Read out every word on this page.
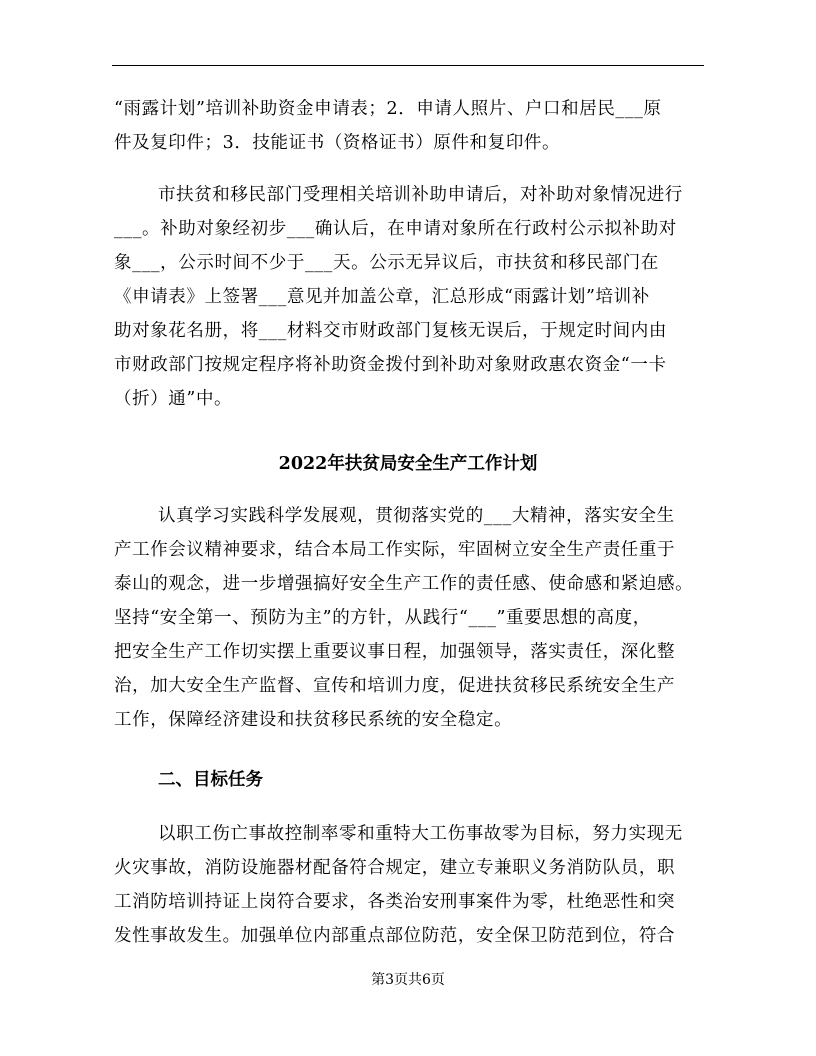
“雨露计划”培训补助资金申请表；2．申请人照片、户口和居民___原
件及复印件；3．技能证书（资格证书）原件和复印件。
市扶贫和移民部门受理相关培训补助申请后，对补助对象情况进行
___。补助对象经初步___确认后，在申请对象所在行政村公示拟补助对
象___，公示时间不少于___天。公示无异议后，市扶贫和移民部门在
《申请表》上签署___意见并加盖公章，汇总形成“雨露计划”培训补
助对象花名册，将___材料交市财政部门复核无误后，于规定时间内由
市财政部门按规定程序将补助资金拨付到补助对象财政惠农资金“一卡
（折）通”中。
2022年扶贫局安全生产工作计划
认真学习实践科学发展观，贯彻落实党的___大精神，落实安全生
产工作会议精神要求，结合本局工作实际，牢固树立安全生产责任重于
泰山的观念，进一步增强搞好安全生产工作的责任感、使命感和紧迫感。
坚持“安全第一、预防为主”的方针，从践行“___”重要思想的高度，
把安全生产工作切实摆上重要议事日程，加强领导，落实责任，深化整
治，加大安全生产监督、宣传和培训力度，促进扶贫移民系统安全生产
工作，保障经济建设和扶贫移民系统的安全稳定。
二、目标任务
以职工伤亡事故控制率零和重特大工伤事故零为目标，努力实现无
火灾事故，消防设施器材配备符合规定，建立专兼职义务消防队员，职
工消防培训持证上岗符合要求，各类治安刑事案件为零，杜绝恶性和突
发性事故发生。加强单位内部重点部位防范，安全保卫防范到位，符合
第3页共6页
